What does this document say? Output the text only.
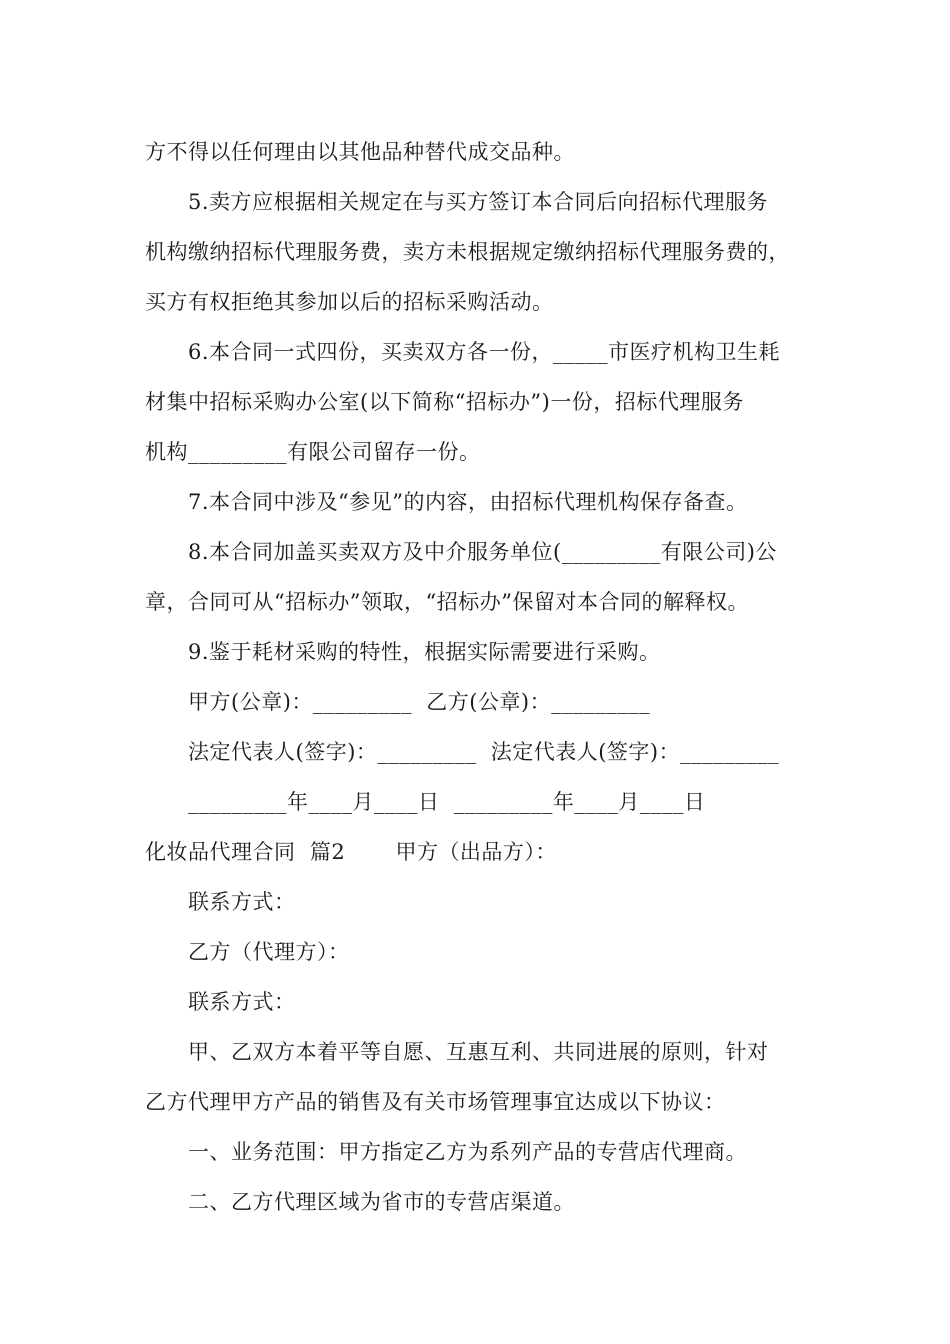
方不得以任何理由以其他品种替代成交品种。
5.卖方应根据相关规定在与买方签订本合同后向招标代理服务
机构缴纳招标代理服务费，卖方未根据规定缴纳招标代理服务费的，
买方有权拒绝其参加以后的招标采购活动。
6.本合同一式四份，买卖双方各一份，_____市医疗机构卫生耗
材集中招标采购办公室(以下简称“招标办”)一份，招标代理服务
机构_________有限公司留存一份。
7.本合同中涉及“参见”的内容，由招标代理机构保存备查。
8.本合同加盖买卖双方及中介服务单位(_________有限公司)公
章，合同可从“招标办”领取，“招标办”保留对本合同的解释权。
9.鉴于耗材采购的特性，根据实际需要进行采购。
甲方(公章)：_________  乙方(公章)：_________
法定代表人(签字)：_________  法定代表人(签字)：_________
_________年____月____日  _________年____月____日
化妆品代理合同  篇2       甲方（出品方）：
联系方式：
乙方（代理方）：
联系方式：
甲、乙双方本着平等自愿、互惠互利、共同进展的原则，针对
乙方代理甲方产品的销售及有关市场管理事宜达成以下协议：
一、业务范围：甲方指定乙方为系列产品的专营店代理商。
二、乙方代理区域为省市的专营店渠道。
